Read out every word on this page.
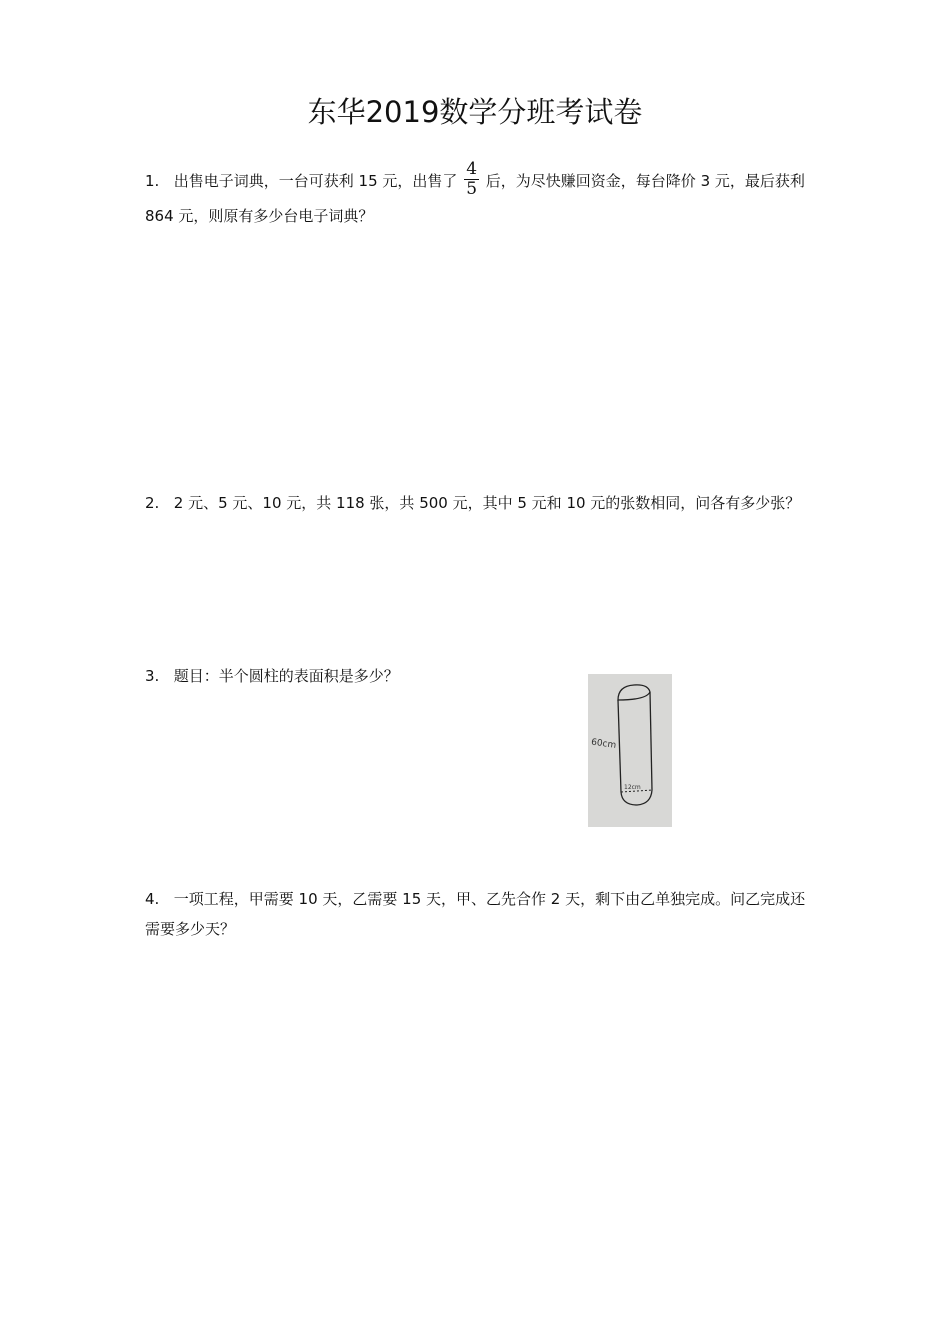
东华2019数学分班考试卷
1. 出售电子词典，一台可获利 15 元，出售了 $\frac{4}{5}$ 后，为尽快赚回资金，每台降价 3 元，最后获利 864 元，则原有多少台电子词典？
2. 2 元、5 元、10 元，共 118 张，共 500 元，其中 5 元和 10 元的张数相同，问各有多少张？
3. 题目：半个圆柱的表面积是多少？
60cm
12cm
4. 一项工程，甲需要 10 天，乙需要 15 天，甲、乙先合作 2 天，剩下由乙单独完成。问乙完成还需要多少天？
